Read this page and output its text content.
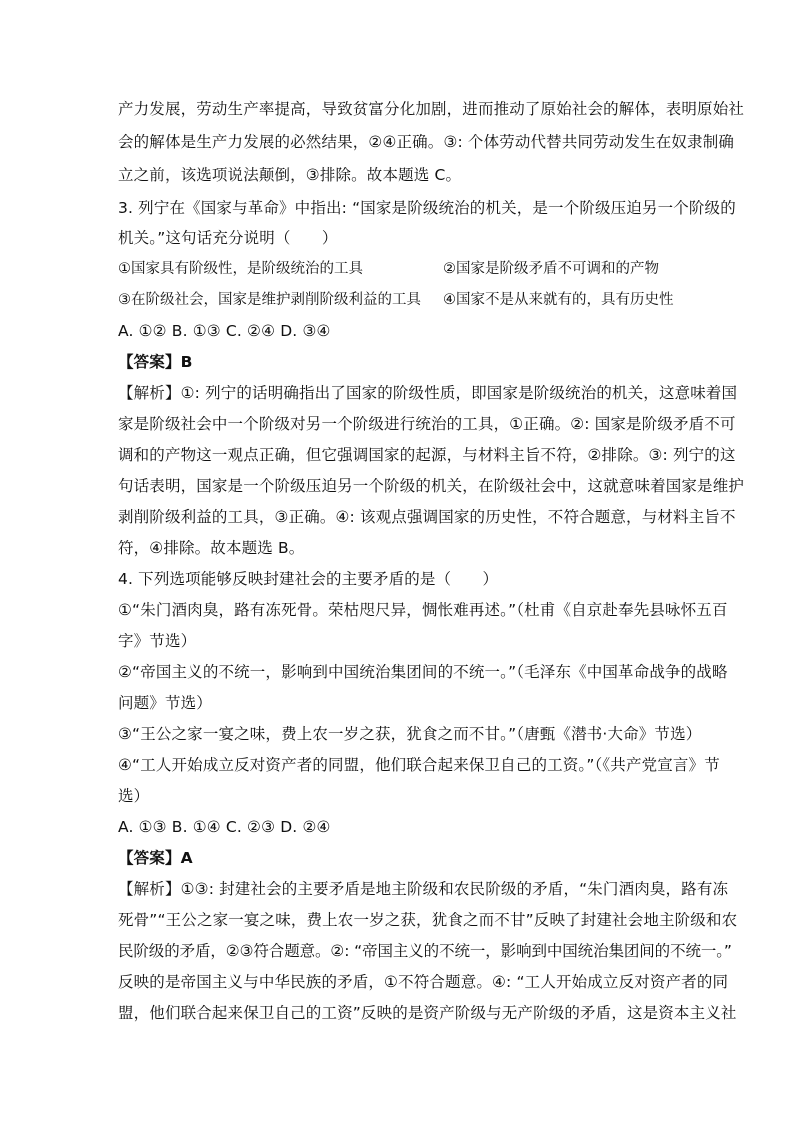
产力发展，劳动生产率提高，导致贫富分化加剧，进而推动了原始社会的解体，表明原始社
会的解体是生产力发展的必然结果，②④正确。③: 个体劳动代替共同劳动发生在奴隶制确
立之前，该选项说法颠倒，③排除。故本题选 C。
3. 列宁在《国家与革命》中指出: “国家是阶级统治的机关，是一个阶级压迫另一个阶级的
机关。”这句话充分说明（　　）
①国家具有阶级性，是阶级统治的工具	②国家是阶级矛盾不可调和的产物
③在阶级社会，国家是维护剥削阶级利益的工具 ④国家不是从来就有的，具有历史性
A. ①② B. ①③ C. ②④ D. ③④
【答案】B
【解析】①: 列宁的话明确指出了国家的阶级性质，即国家是阶级统治的机关，这意味着国
家是阶级社会中一个阶级对另一个阶级进行统治的工具，①正确。②: 国家是阶级矛盾不可
调和的产物这一观点正确，但它强调国家的起源，与材料主旨不符，②排除。③: 列宁的这
句话表明，国家是一个阶级压迫另一个阶级的机关，在阶级社会中，这就意味着国家是维护
剥削阶级利益的工具，③正确。④: 该观点强调国家的历史性，不符合题意，与材料主旨不
符，④排除。故本题选 B。
4. 下列选项能够反映封建社会的主要矛盾的是（　　）
①“朱门酒肉臭，路有冻死骨。荣枯咫尺异，惆怅难再述。”（杜甫《自京赴奉先县咏怀五百
字》节选）
②“帝国主义的不统一，影响到中国统治集团间的不统一。”（毛泽东《中国革命战争的战略
问题》节选）
③“王公之家一宴之味，费上农一岁之获，犹食之而不甘。”（唐甄《潜书·大命》节选）
④“工人开始成立反对资产者的同盟，他们联合起来保卫自己的工资。”（《共产党宣言》节
选）
A. ①③ B. ①④ C. ②③ D. ②④
【答案】A
【解析】①③: 封建社会的主要矛盾是地主阶级和农民阶级的矛盾，“朱门酒肉臭，路有冻
死骨”“王公之家一宴之味，费上农一岁之获，犹食之而不甘”反映了封建社会地主阶级和农
民阶级的矛盾，②③符合题意。②: “帝国主义的不统一，影响到中国统治集团间的不统一。”
反映的是帝国主义与中华民族的矛盾，①不符合题意。④: “工人开始成立反对资产者的同
盟，他们联合起来保卫自己的工资”反映的是资产阶级与无产阶级的矛盾，这是资本主义社
